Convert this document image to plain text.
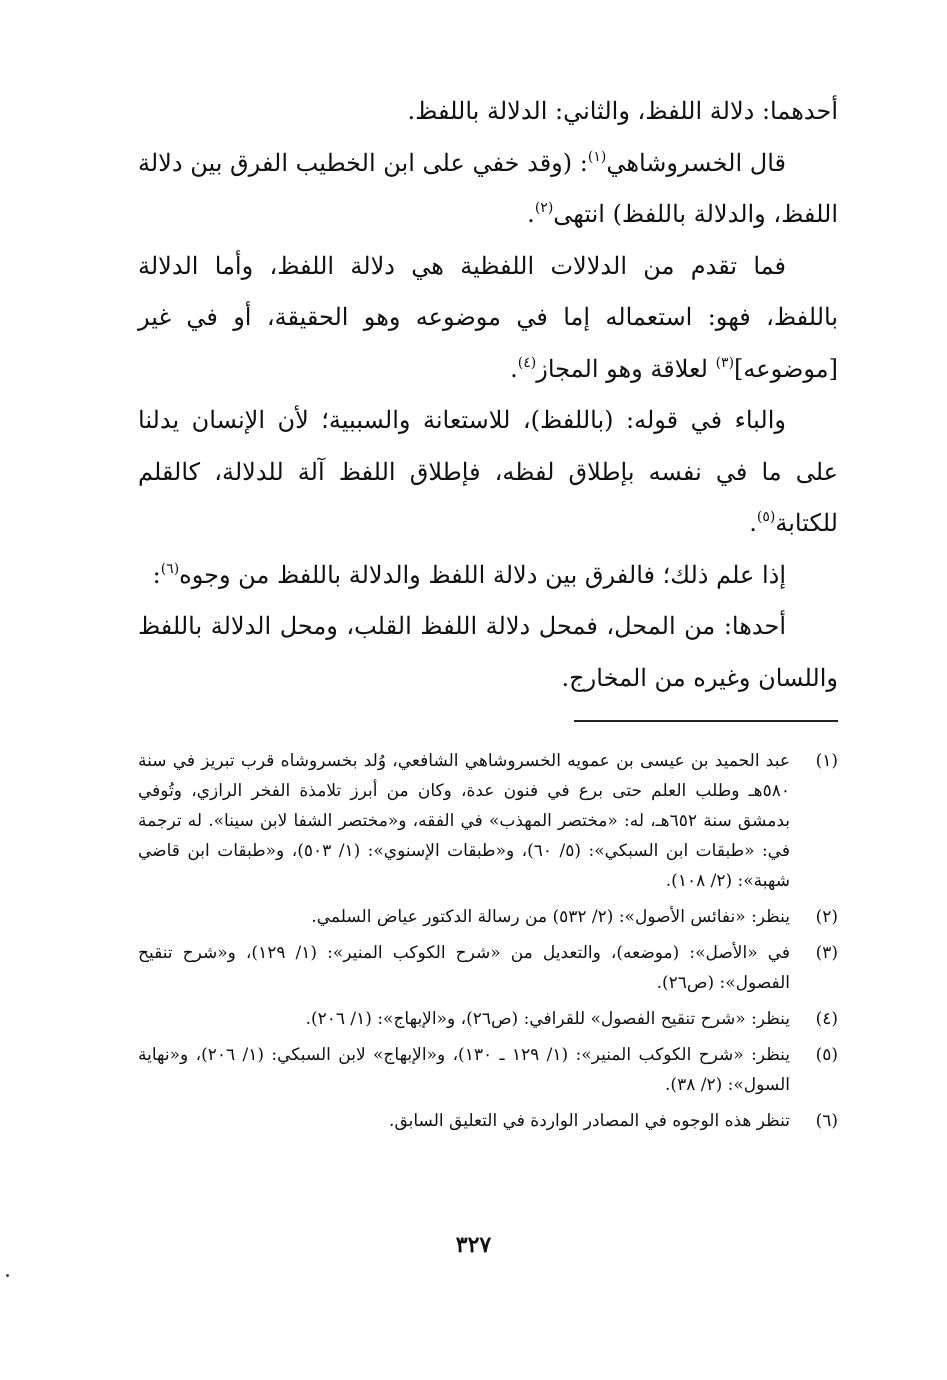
أحدهما: دلالة اللفظ، والثاني: الدلالة باللفظ.

قال الخسروشاهي$^{(١)}$: (وقد خفي على ابن الخطيب الفرق بين دلالة اللفظ، والدلالة باللفظ) انتهى$^{(٢)}$.

فما تقدم من الدلالات اللفظية هي دلالة اللفظ، وأما الدلالة باللفظ، فهو: استعماله إما في موضوعه وهو الحقيقة، أو في غير [موضوعه]$^{(٣)}$ لعلاقة وهو المجاز$^{(٤)}$.

والباء في قوله: (باللفظ)، للاستعانة والسببية؛ لأن الإنسان يدلنا على ما في نفسه بإطلاق لفظه، فإطلاق اللفظ آلة للدلالة، كالقلم للكتابة$^{(٥)}$.

إذا علم ذلك؛ فالفرق بين دلالة اللفظ والدلالة باللفظ من وجوه$^{(٦)}$:

أحدها: من المحل، فمحل دلالة اللفظ القلب، ومحل الدلالة باللفظ واللسان وغيره من المخارج.

(١)
عبد الحميد بن عيسى بن عمويه الخسروشاهي الشافعي، وُلد بخسروشاه قرب تبريز في سنة ٥٨٠هـ وطلب العلم حتى برع في فنون عدة، وكان من أبرز تلامذة الفخر الرازي، وتُوفي بدمشق سنة ٦٥٢هـ، له: «مختصر المهذب» في الفقه، و«مختصر الشفا لابن سينا». له ترجمة في: «طبقات ابن السبكي»: (٥/ ٦٠)، و«طبقات الإسنوي»: (١/ ٥٠٣)، و«طبقات ابن قاضي شهبة»: (٢/ ١٠٨).
(٢)
ينظر: «نفائس الأصول»: (٢/ ٥٣٢) من رسالة الدكتور عياض السلمي.
(٣)
في «الأصل»: (موضعه)، والتعديل من «شرح الكوكب المنير»: (١/ ١٢٩)، و«شرح تنقيح الفصول»: (ص٢٦).
(٤)
ينظر: «شرح تنقيح الفصول» للقرافي: (ص٢٦)، و«الإبهاج»: (١/ ٢٠٦).
(٥)
ينظر: «شرح الكوكب المنير»: (١/ ١٢٩ ـ ١٣٠)، و«الإبهاج» لابن السبكي: (١/ ٢٠٦)، و«نهاية السول»: (٢/ ٣٨).
(٦)
تنظر هذه الوجوه في المصادر الواردة في التعليق السابق.
٣٢٧
